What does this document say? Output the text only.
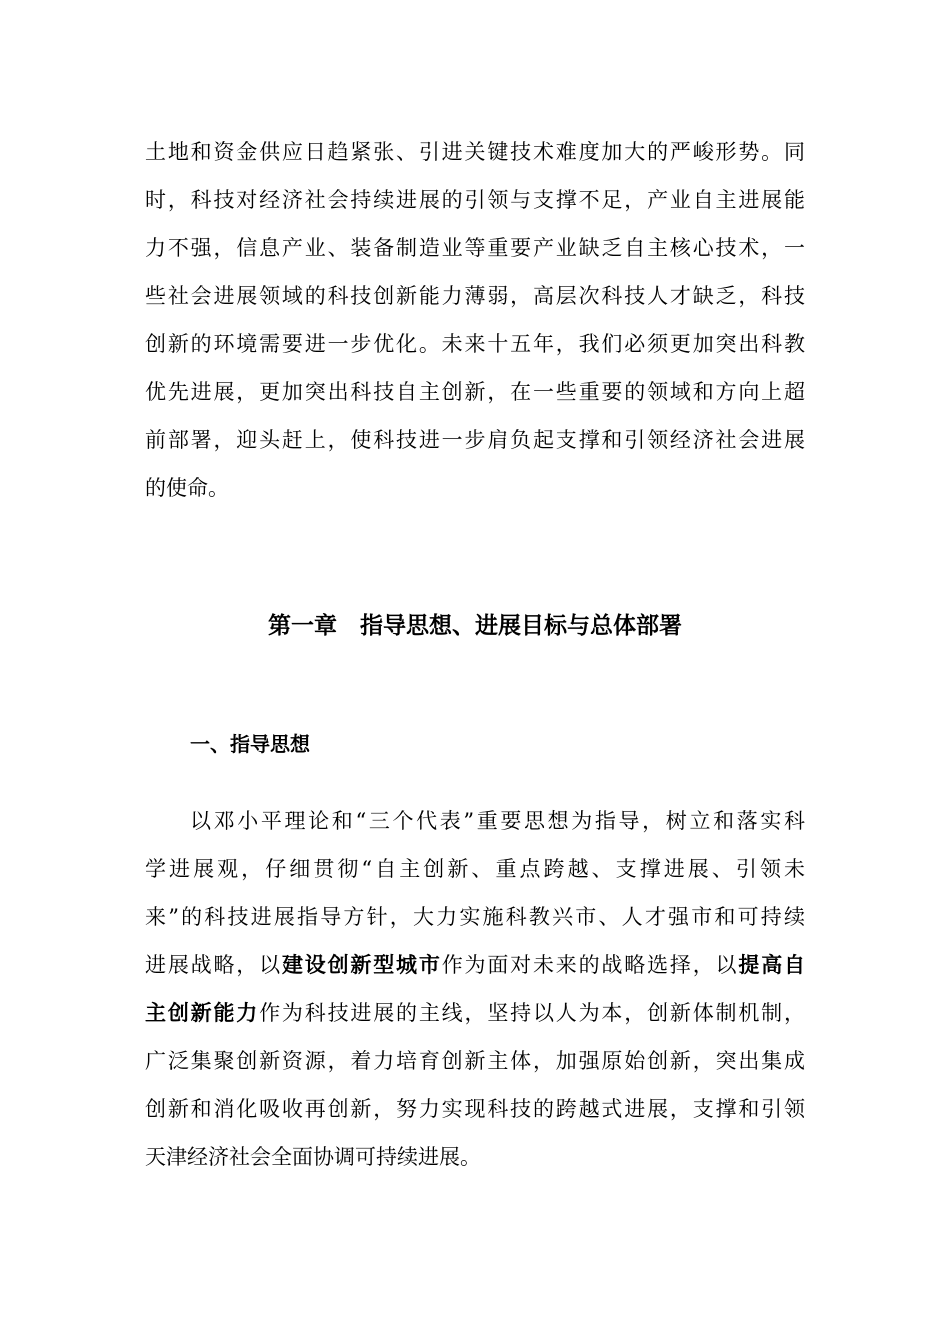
土地和资金供应日趋紧张、引进关键技术难度加大的严峻形势。同
时，科技对经济社会持续进展的引领与支撑不足，产业自主进展能
力不强，信息产业、装备制造业等重要产业缺乏自主核心技术，一
些社会进展领域的科技创新能力薄弱，高层次科技人才缺乏，科技
创新的环境需要进一步优化。未来十五年，我们必须更加突出科教
优先进展，更加突出科技自主创新，在一些重要的领域和方向上超
前部署，迎头赶上，使科技进一步肩负起支撑和引领经济社会进展
的使命。
第一章　指导思想、进展目标与总体部署
一、指导思想
以邓小平理论和“三个代表”重要思想为指导，树立和落实科
学进展观，仔细贯彻“自主创新、重点跨越、支撑进展、引领未
来”的科技进展指导方针，大力实施科教兴市、人才强市和可持续
进展战略，以建设创新型城市作为面对未来的战略选择，以提高自
主创新能力作为科技进展的主线，坚持以人为本，创新体制机制，
广泛集聚创新资源，着力培育创新主体，加强原始创新，突出集成
创新和消化吸收再创新，努力实现科技的跨越式进展，支撑和引领
天津经济社会全面协调可持续进展。
